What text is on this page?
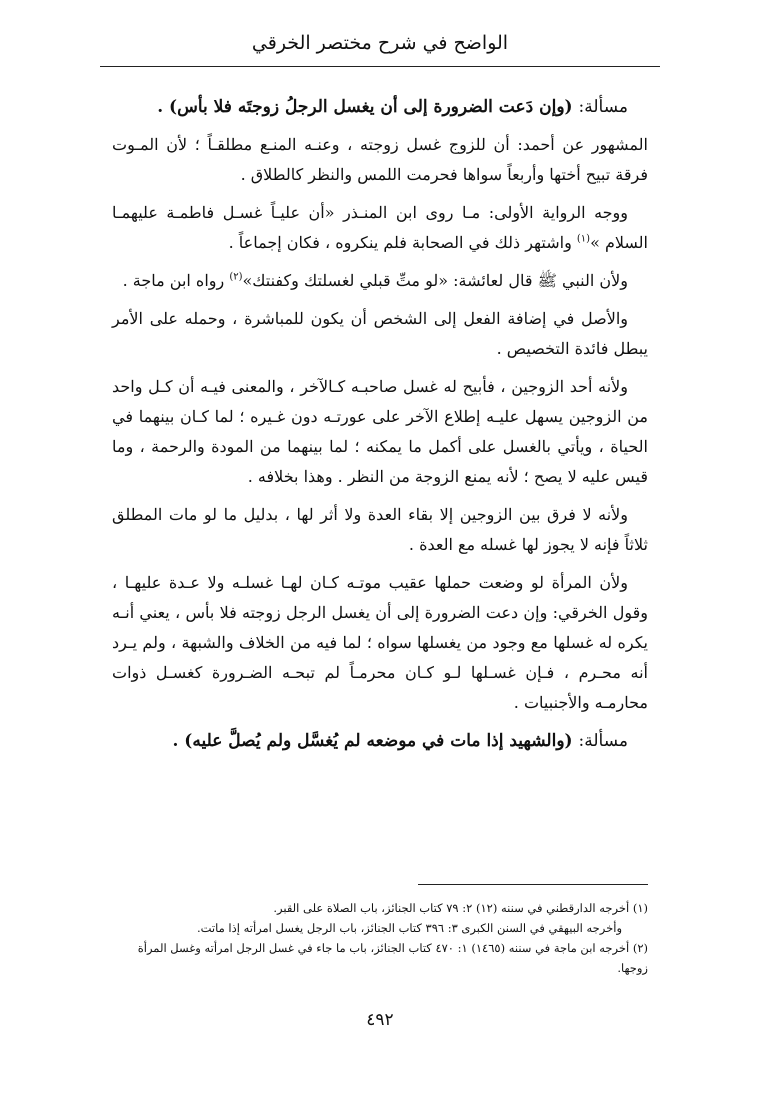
الواضح في شرح مختصر الخرقي

مسألة: (وإن دَعت الضرورة إلى أن يغسل الرجلُ زوجتَه فلا بأس) .

المشهور عن أحمد: أن للزوج غسل زوجته ، وعنـه المنـع مطلقـاً ؛ لأن المـوت فرقة تبيح أختها وأربعاً سواها فحرمت اللمس والنظر كالطلاق .

ووجه الرواية الأولى: مـا روى ابن المنـذر «أن عليـاً غسـل فاطمـة عليهمـا السلام »$^{(١)}$ واشتهر ذلك في الصحابة فلم ينكروه ، فكان إجماعاً .

ولأن النبي ﷺ قال لعائشة: «لو متِّ قبلي لغسلتك وكفنتك»$^{(٢)}$ رواه ابن ماجة .

والأصل في إضافة الفعل إلى الشخص أن يكون للمباشرة ، وحمله على الأمر يبطل فائدة التخصيص .

ولأنه أحد الزوجين ، فأبيح له غسل صاحبـه كـالآخر ، والمعنى فيـه أن كـل واحد من الزوجين يسهل عليـه إطلاع الآخر على عورتـه دون غـيره ؛ لما كـان بينهما في الحياة ، ويأتي بالغسل على أكمل ما يمكنه ؛ لما بينهما من المودة والرحمة ، وما قيس عليه لا يصح ؛ لأنه يمنع الزوجة من النظر . وهذا بخلافه .

ولأنه لا فرق بين الزوجين إلا بقاء العدة ولا أثر لها ، بدليل ما لو مات المطلق ثلاثاً فإنه لا يجوز لها غسله مع العدة .

ولأن المرأة لو وضعت حملها عقيب موتـه كـان لهـا غسلـه ولا عـدة عليهـا ، وقول الخرقي: وإن دعت الضرورة إلى أن يغسل الرجل زوجته فلا بأس ، يعني أنـه يكره له غسلها مع وجود من يغسلها سواه ؛ لما فيه من الخلاف والشبهة ، ولم يـرد أنه محـرم ، فـإن غسـلها لـو كـان محرمـاً لم تبحـه الضـرورة كغسـل ذوات محارمـه والأجنبيات .

مسألة: (والشهيد إذا مات في موضعه لم يُغسَّل ولم يُصلَّ عليه) .

(١) أخرجه الدارقطني في سننه (١٢) ٢: ٧٩ كتاب الجنائز، باب الصلاة على القبر.

وأخرجه البيهقي في السنن الكبرى ٣: ٣٩٦ كتاب الجنائز، باب الرجل يغسل امرأته إذا ماتت.

(٢) أخرجه ابن ماجة في سننه (١٤٦٥) ١: ٤٧٠ كتاب الجنائز، باب ما جاء في غسل الرجل امرأته وغسل المرأة زوجها.

٤٩٢
